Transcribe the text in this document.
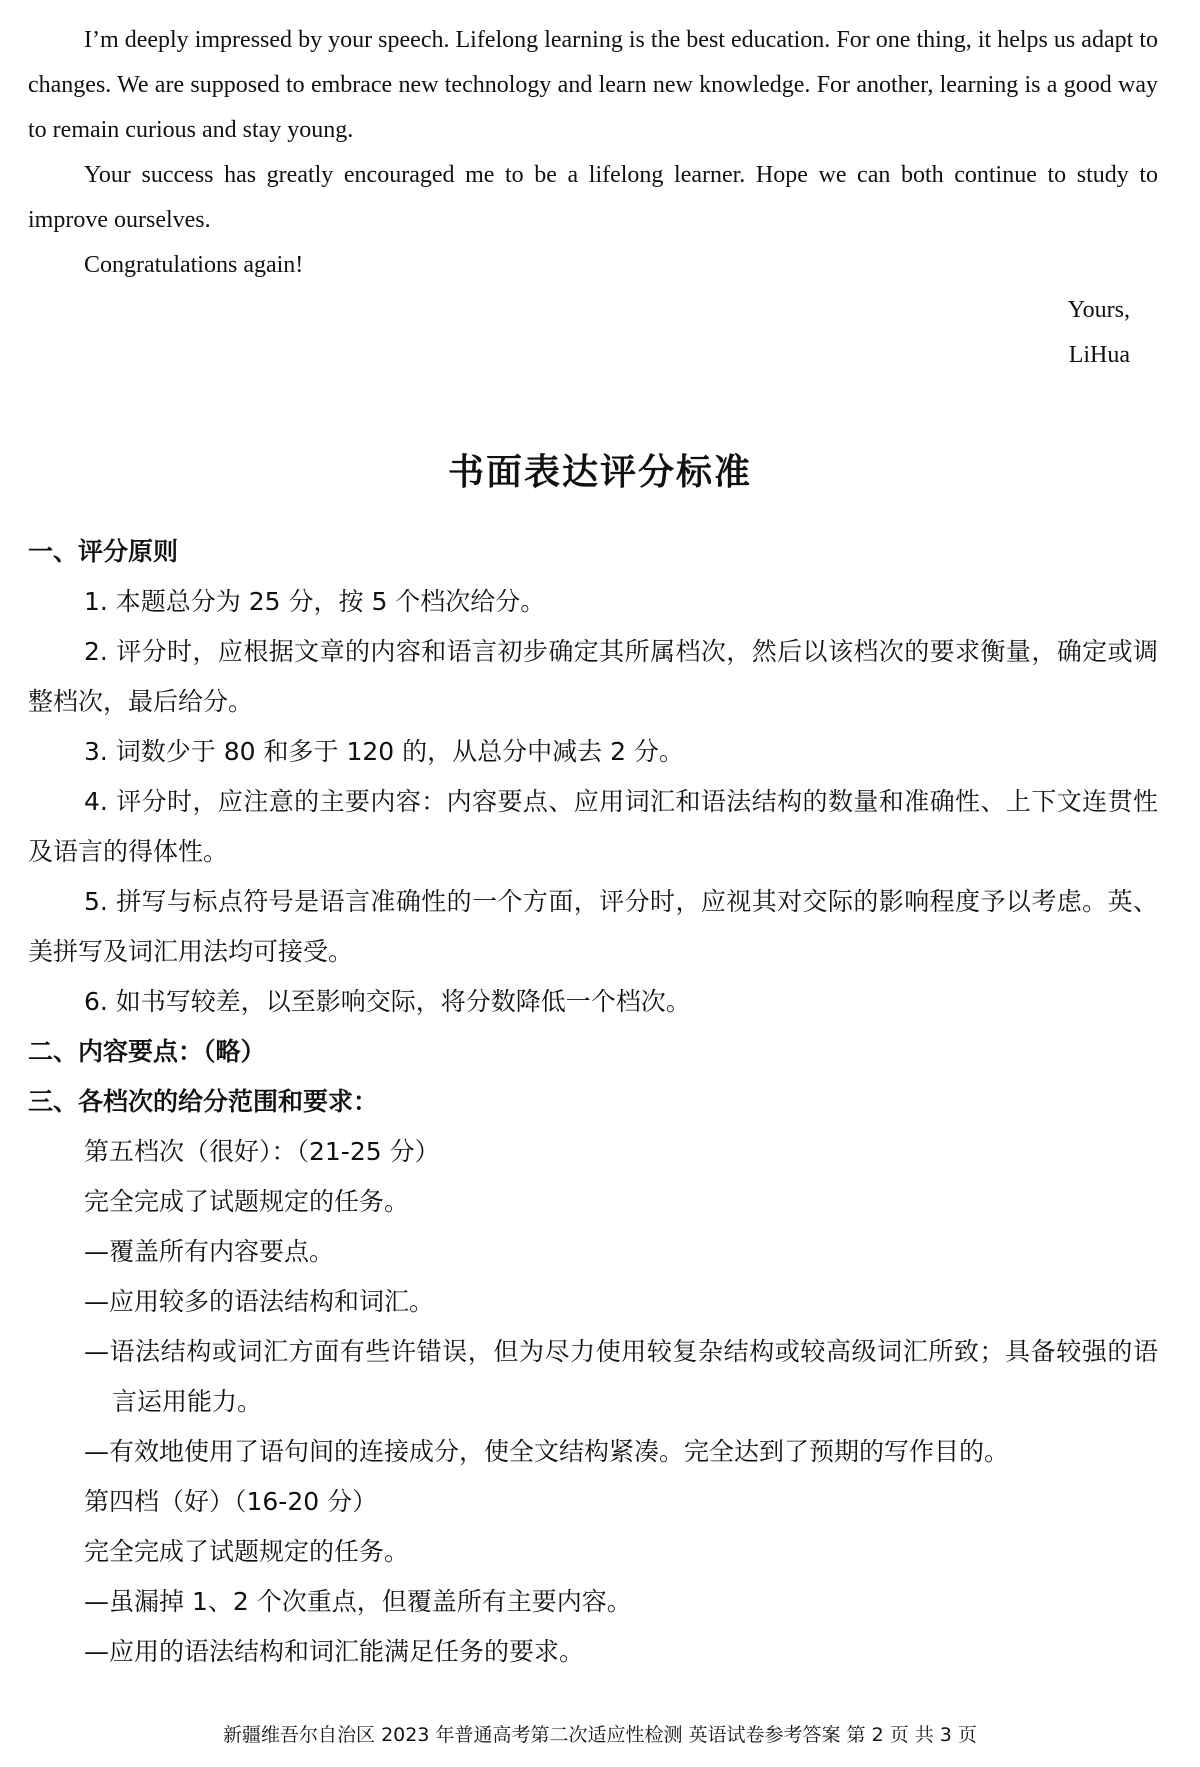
I’m deeply impressed by your speech. Lifelong learning is the best education. For one thing, it helps us adapt to changes. We are supposed to embrace new technology and learn new knowledge. For another, learning is a good way to remain curious and stay young.

Your success has greatly encouraged me to be a lifelong learner. Hope we can both continue to study to improve ourselves.

Congratulations again!

Yours,

LiHua

书面表达评分标准

一、评分原则

1. 本题总分为 25 分，按 5 个档次给分。

2. 评分时，应根据文章的内容和语言初步确定其所属档次，然后以该档次的要求衡量，确定或调整档次，最后给分。

3. 词数少于 80 和多于 120 的，从总分中减去 2 分。

4. 评分时，应注意的主要内容：内容要点、应用词汇和语法结构的数量和准确性、上下文连贯性及语言的得体性。

5. 拼写与标点符号是语言准确性的一个方面，评分时，应视其对交际的影响程度予以考虑。英、美拼写及词汇用法均可接受。

6. 如书写较差，以至影响交际，将分数降低一个档次。

二、内容要点：（略）

三、各档次的给分范围和要求：

第五档次（很好）：（21-25 分）

完全完成了试题规定的任务。

—覆盖所有内容要点。

—应用较多的语法结构和词汇。

—语法结构或词汇方面有些许错误，但为尽力使用较复杂结构或较高级词汇所致；具备较强的语言运用能力。

—有效地使用了语句间的连接成分，使全文结构紧凑。完全达到了预期的写作目的。

第四档（好）（16-20 分）

完全完成了试题规定的任务。

—虽漏掉 1、2 个次重点，但覆盖所有主要内容。

—应用的语法结构和词汇能满足任务的要求。

新疆维吾尔自治区 2023 年普通高考第二次适应性检测 英语试卷参考答案 第 2 页 共 3 页
